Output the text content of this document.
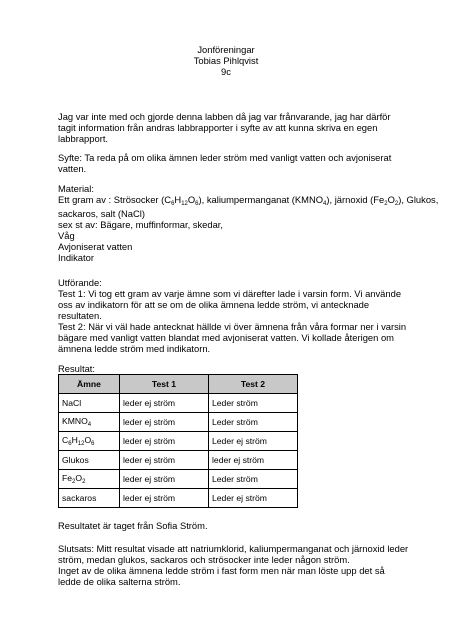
Jonföreningar
Tobias Pihlqvist
9c

Jag var inte med och gjorde denna labben då jag var frånvarande, jag har därför tagit information från andras labbrapporter i syfte av att kunna skriva en egen labbrapport.

Syfte: Ta reda på om olika ämnen leder ström med vanligt vatten och avjoniserat vatten.

Material:

Ett gram av : Strösocker $(C_6H_{12}O_6)$, kaliumpermanganat $(KMNO_4)$, järnoxid $(Fe_2O_2)$, Glukos,

sackaros, salt (NaCl)

sex st av: Bägare, muffinformar, skedar,

Våg

Avjoniserat vatten

Indikator

Utförande:

Test 1: Vi tog ett gram av varje ämne som vi därefter lade i varsin form. Vi använde oss av indikatorn för att se om de olika ämnena ledde ström, vi antecknade resultaten.

Test 2: När vi väl hade antecknat hällde vi över ämnena från våra formar ner i varsin bägare med vanligt vatten blandat med avjoniserat vatten. Vi kollade återigen om ämnena ledde ström med indikatorn.

Resultat:

Ämne	Test 1	Test 2
NaCl	leder ej ström	Leder ström
$KMNO_4$	leder ej ström	Leder ström
$C_6H_{12}O_6$	leder ej ström	Leder ej ström
Glukos	leder ej ström	leder ej ström
$Fe_2O_2$	leder ej ström	Leder ström
sackaros	leder ej ström	Leder ej ström

Resultatet är taget från Sofia Ström.

Slutsats: Mitt resultat visade att natriumklorid, kaliumpermanganat och järnoxid leder ström, medan glukos, sackaros och strösocker inte leder någon ström.

Inget av de olika ämnena ledde ström i fast form men när man löste upp det så ledde de olika salterna ström.
